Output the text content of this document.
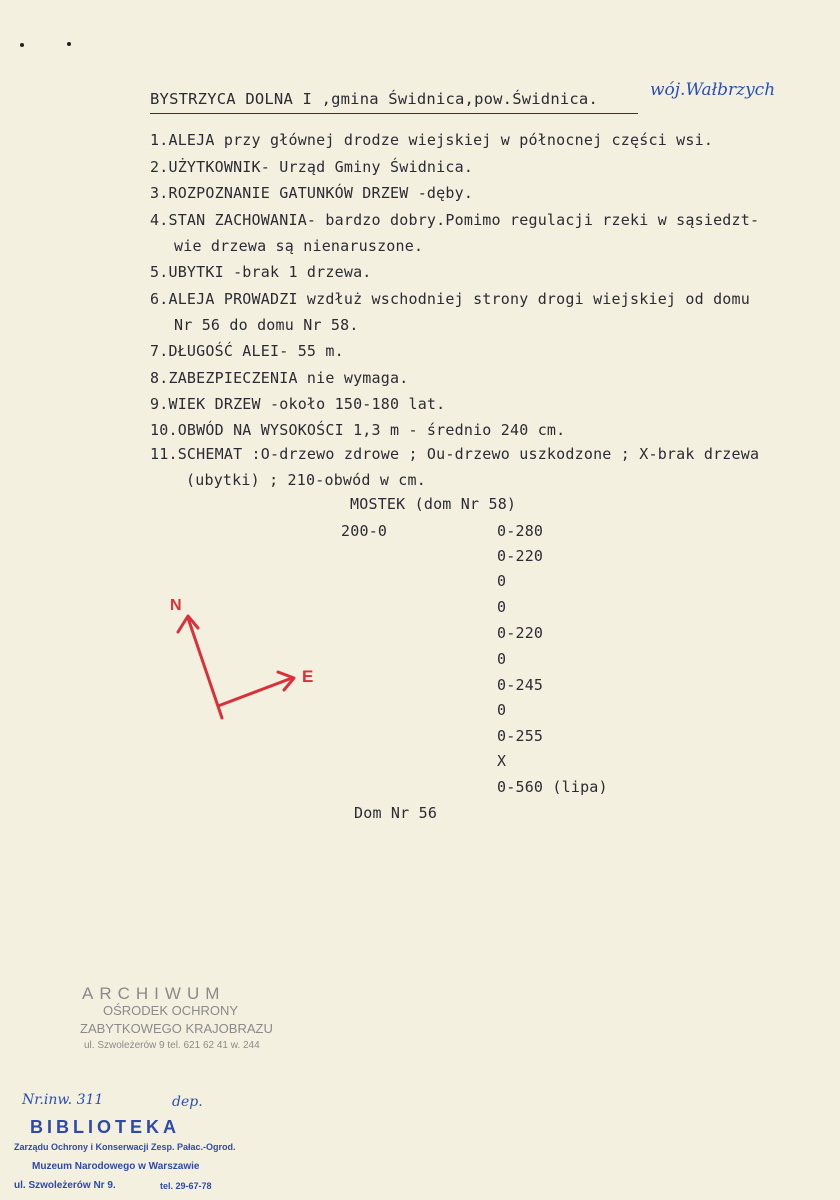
BYSTRZYCA DOLNA I ,gmina Świdnica,pow.Świdnica.	wój.Wałbrzych
1.ALEJA przy głównej drodze wiejskiej w północnej części wsi.
2.UŻYTKOWNIK- Urząd Gminy Świdnica.
3.ROZPOZNANIE GATUNKÓW DRZEW -dęby.
4.STAN ZACHOWANIA- bardzo dobry.Pomimo regulacji rzeki w sąsiedzt-
wie drzewa są nienaruszone.
5.UBYTKI -brak 1 drzewa.
6.ALEJA PROWADZI wzdłuż wschodniej strony drogi wiejskiej od domu
Nr 56 do domu Nr 58.
7.DŁUGOŚĆ ALEI- 55 m.
8.ZABEZPIECZENIA nie wymaga.
9.WIEK DRZEW -około 150-180 lat.
10.OBWÓD NA WYSOKOŚCI 1,3 m - średnio 240 cm.
11.SCHEMAT :O-drzewo zdrowe ; Ou-drzewo uszkodzone ; X-brak drzewa
(ubytki) ; 210-obwód w cm.
MOSTEK (dom Nr 58)
200-0	0-280
0-220
0
0
0-220
0
0-245
0
0-255
X
0-560 (lipa)
Dom Nr 56
N
E
ARCHIWUM
OŚRODEK OCHRONY
ZABYTKOWEGO KRAJOBRAZU
ul. Szwoleżerów 9 tel. 621 62 41 w. 244
Nr.inw. 311	dep.
BIBLIOTEKA
Zarządu Ochrony i Konserwacji Zesp. Pałac.-Ogrod.
Muzeum Narodowego w Warszawie
ul. Szwoleżerów Nr 9.	tel. 29-67-78
